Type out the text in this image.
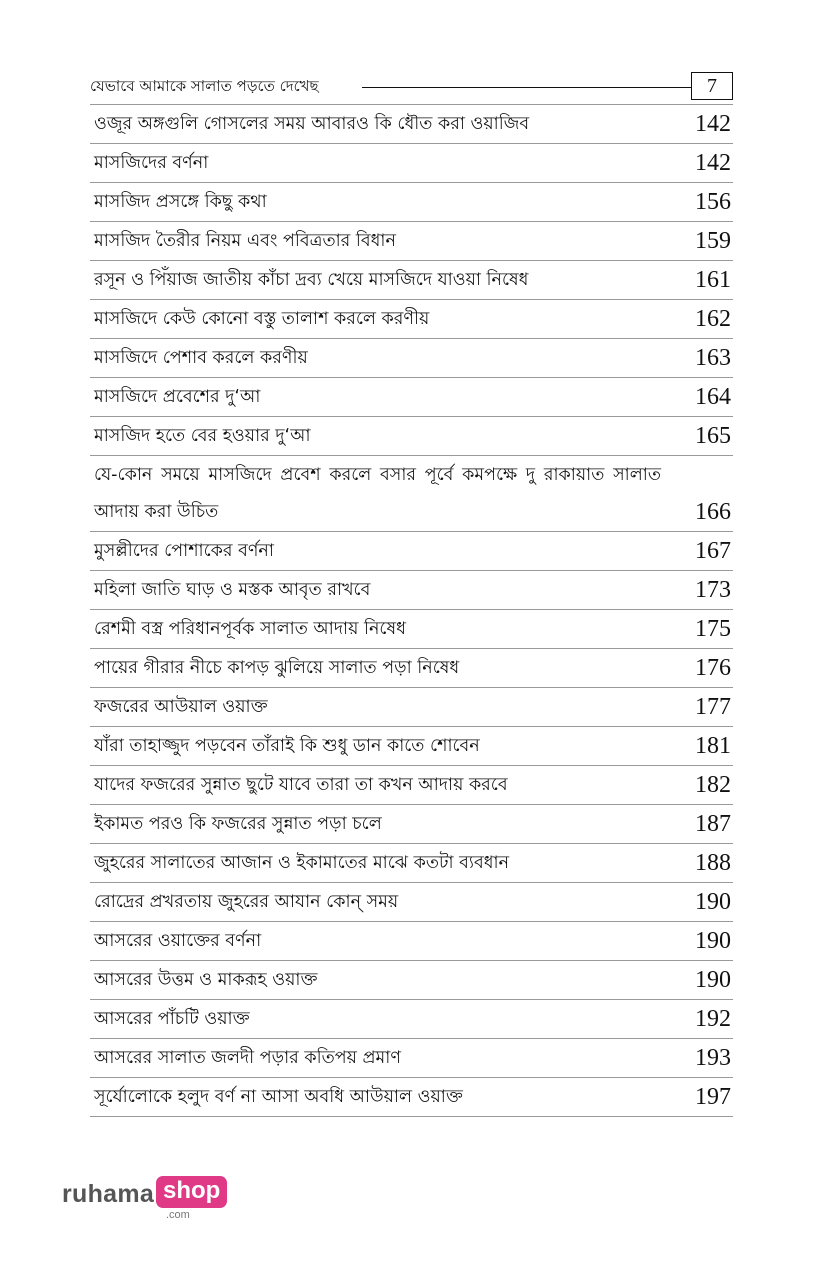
যেভাবে আমাকে সালাত পড়তে দেখেছ	7
ওজূর অঙ্গগুলি গোসলের সময় আবারও কি ধৌত করা ওয়াজিব	142
মাসজিদের বর্ণনা	142
মাসজিদ প্রসঙ্গে কিছু কথা	156
মাসজিদ তৈরীর নিয়ম এবং পবিত্রতার বিধান	159
রসূন ও পিঁয়াজ জাতীয় কাঁচা দ্রব্য খেয়ে মাসজিদে যাওয়া নিষেধ	161
মাসজিদে কেউ কোনো বস্তু তালাশ করলে করণীয়	162
মাসজিদে পেশাব করলে করণীয়	163
মাসজিদে প্রবেশের দু‘আ	164
মাসজিদ হতে বের হওয়ার দু‘আ	165
যে-কোন সময়ে মাসজিদে প্রবেশ করলে বসার পূর্বে কমপক্ষে দু রাকায়াত সালাত আদায় করা উচিত	166
মুসল্লীদের পোশাকের বর্ণনা	167
মহিলা জাতি ঘাড় ও মস্তক আবৃত রাখবে	173
রেশমী বস্ত্র পরিধানপূর্বক সালাত আদায় নিষেধ	175
পায়ের গীরার নীচে কাপড় ঝুলিয়ে সালাত পড়া নিষেধ	176
ফজরের আউয়াল ওয়াক্ত	177
যাঁরা তাহাজ্জুদ পড়বেন তাঁরাই কি শুধু ডান কাতে শোবেন	181
যাদের ফজরের সুন্নাত ছুটে যাবে তারা তা কখন আদায় করবে	182
ইকামত পরও কি ফজরের সুন্নাত পড়া চলে	187
জুহরের সালাতের আজান ও ইকামাতের মাঝে কতটা ব্যবধান	188
রোদ্রের প্রখরতায় জুহরের আযান কোন্ সময়	190
আসরের ওয়াক্তের বর্ণনা	190
আসরের উত্তম ও মাকরূহ ওয়াক্ত	190
আসরের পাঁচটি ওয়াক্ত	192
আসরের সালাত জলদী পড়ার কতিপয় প্রমাণ	193
সূর্যোলোকে হলুদ বর্ণ না আসা অবধি আউয়াল ওয়াক্ত	197
ruhama shop
.com
